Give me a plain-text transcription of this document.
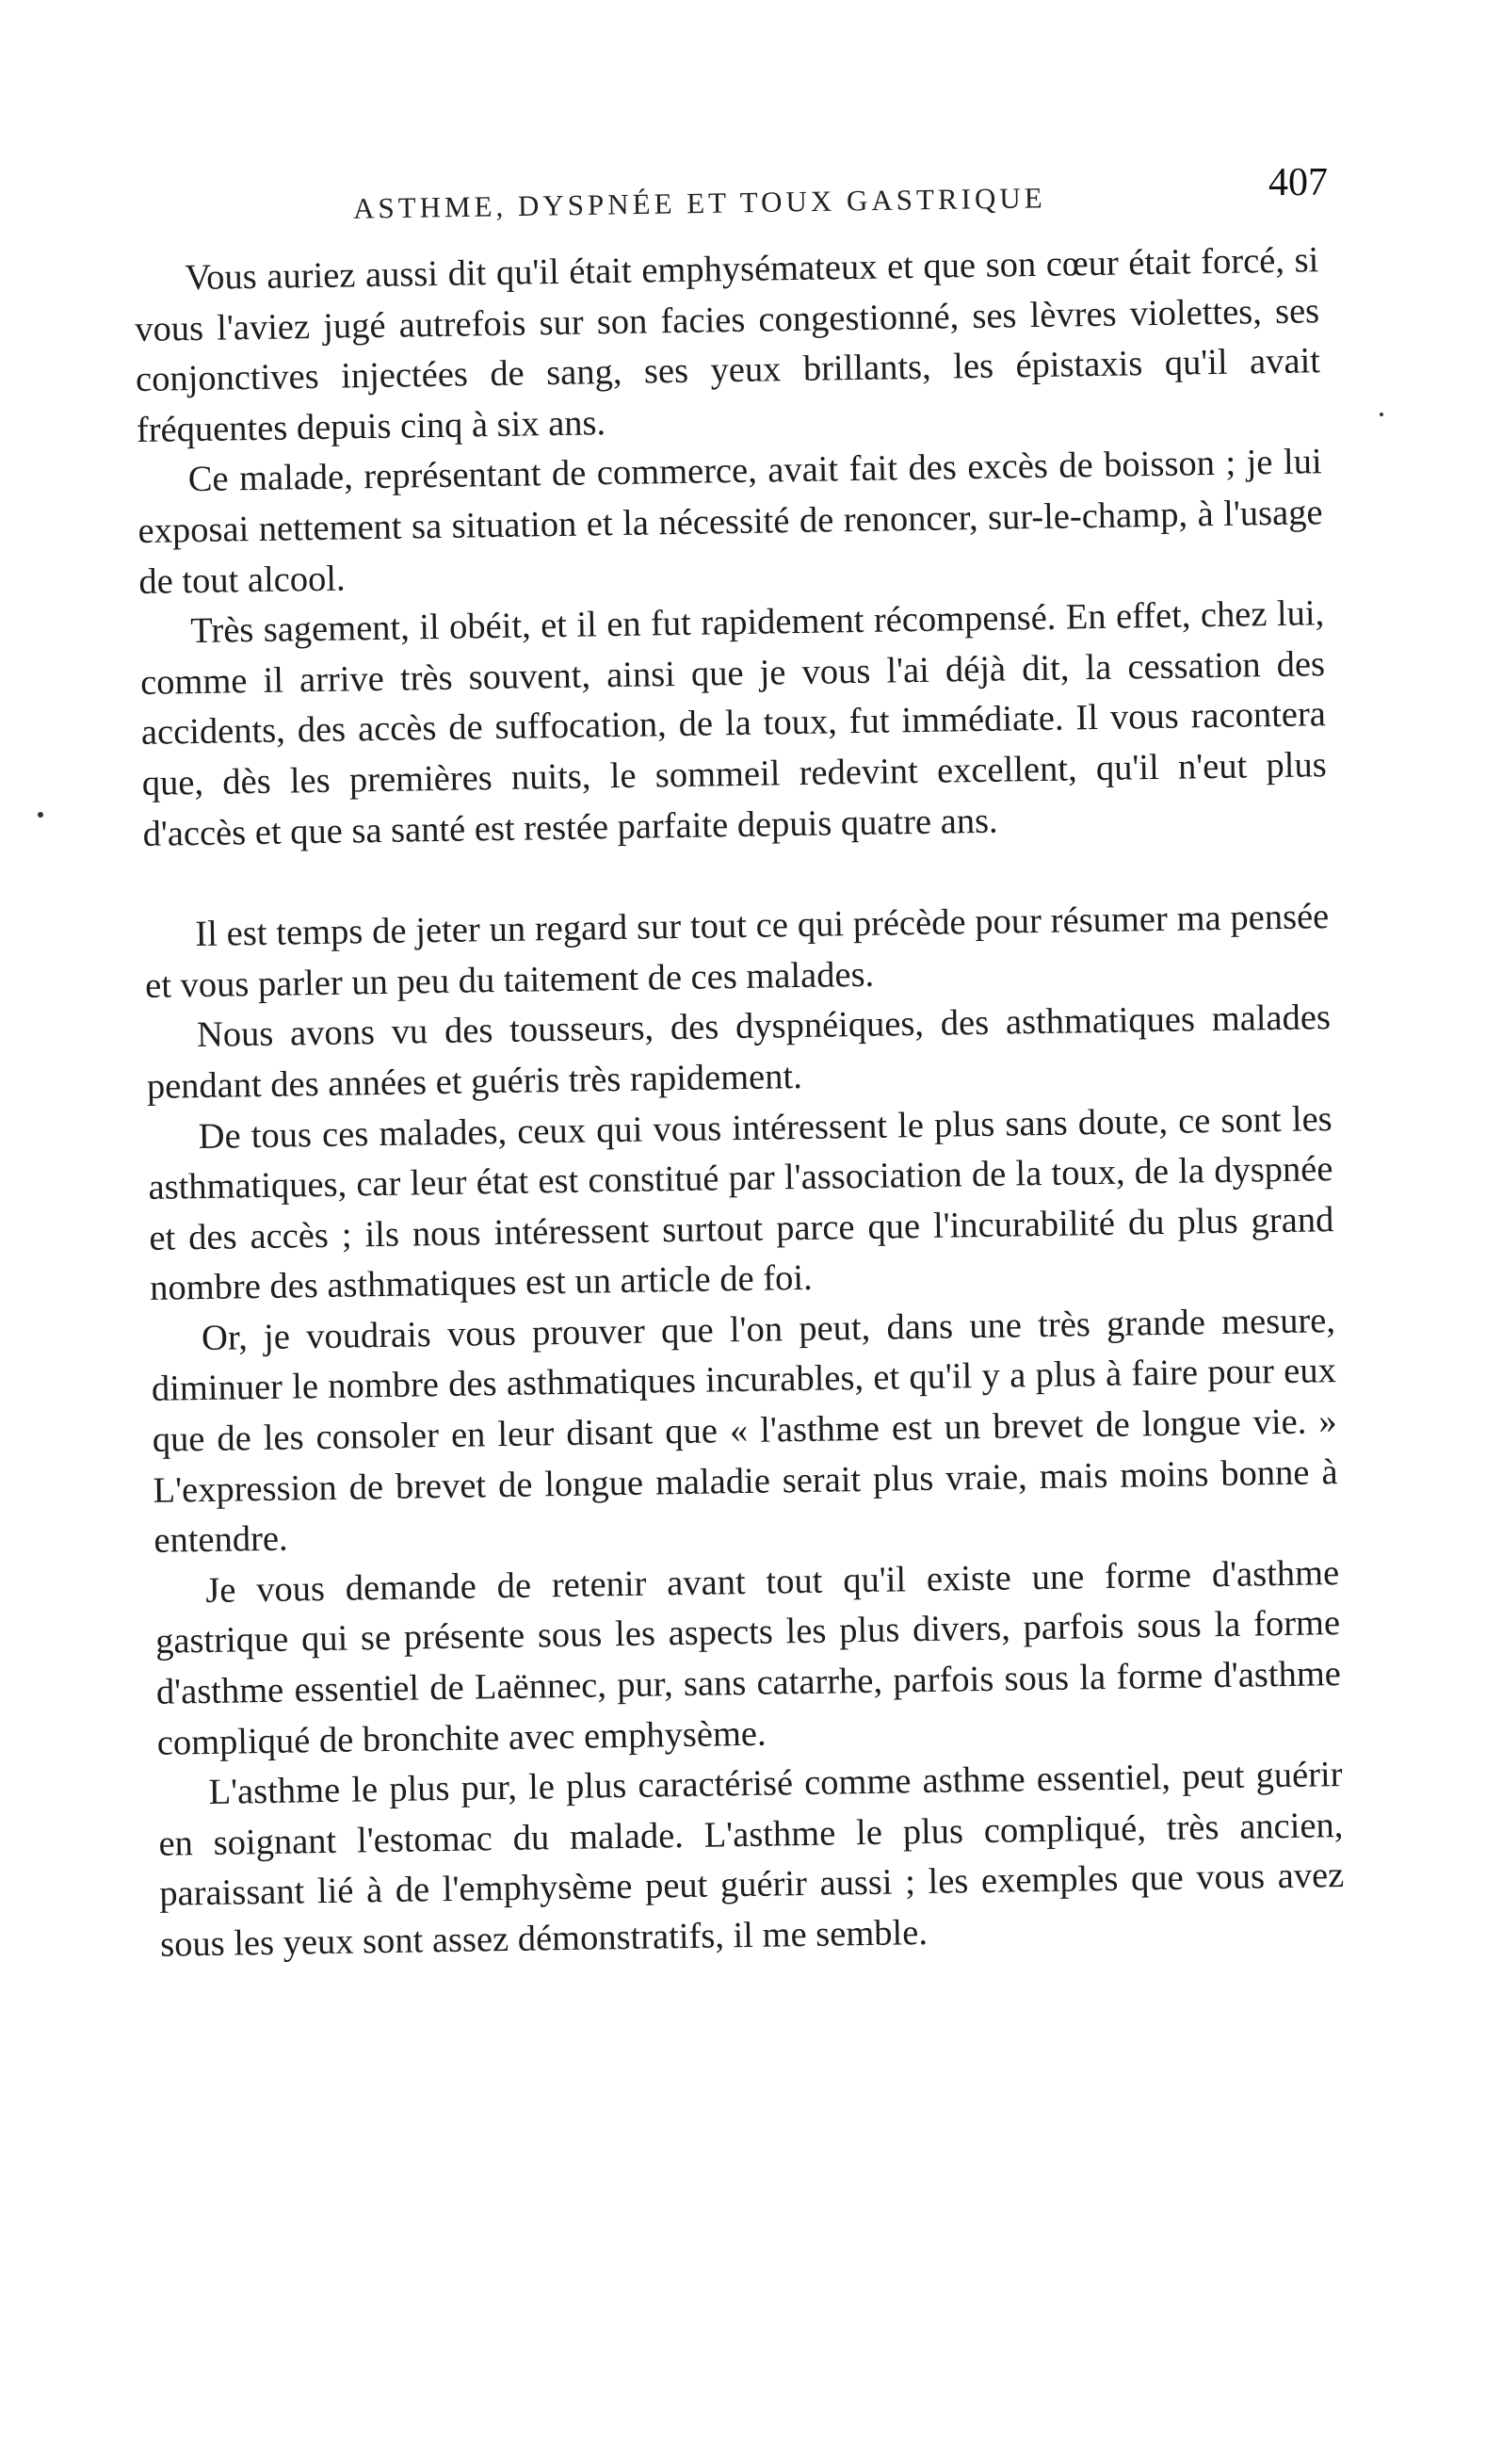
ASTHME, DYSPNÉE ET TOUX GASTRIQUE	407

Vous auriez aussi dit qu'il était emphysémateux et que son cœur était forcé, si vous l'aviez jugé autrefois sur son facies congestionné, ses lèvres violettes, ses conjonctives injectées de sang, ses yeux brillants, les épistaxis qu'il avait fréquentes depuis cinq à six ans.

Ce malade, représentant de commerce, avait fait des excès de boisson ; je lui exposai nettement sa situation et la nécessité de renoncer, sur-le-champ, à l'usage de tout alcool.

Très sagement, il obéit, et il en fut rapidement récompensé. En effet, chez lui, comme il arrive très souvent, ainsi que je vous l'ai déjà dit, la cessation des accidents, des accès de suffocation, de la toux, fut immédiate. Il vous racontera que, dès les premières nuits, le sommeil redevint excellent, qu'il n'eut plus d'accès et que sa santé est restée parfaite depuis quatre ans.

Il est temps de jeter un regard sur tout ce qui précède pour résumer ma pensée et vous parler un peu du taitement de ces malades.

Nous avons vu des tousseurs, des dyspnéiques, des asthmatiques malades pendant des années et guéris très rapidement.

De tous ces malades, ceux qui vous intéressent le plus sans doute, ce sont les asthmatiques, car leur état est constitué par l'association de la toux, de la dyspnée et des accès ; ils nous intéressent surtout parce que l'incurabilité du plus grand nombre des asthmatiques est un article de foi.

Or, je voudrais vous prouver que l'on peut, dans une très grande mesure, diminuer le nombre des asthmatiques incurables, et qu'il y a plus à faire pour eux que de les consoler en leur disant que « l'asthme est un brevet de longue vie. » L'expression de brevet de longue maladie serait plus vraie, mais moins bonne à entendre.

Je vous demande de retenir avant tout qu'il existe une forme d'asthme gastrique qui se présente sous les aspects les plus divers, parfois sous la forme d'asthme essentiel de Laënnec, pur, sans catarrhe, parfois sous la forme d'asthme compliqué de bronchite avec emphysème.

L'asthme le plus pur, le plus caractérisé comme asthme essentiel, peut guérir en soignant l'estomac du malade. L'asthme le plus compliqué, très ancien, paraissant lié à de l'emphysème peut guérir aussi ; les exemples que vous avez sous les yeux sont assez démonstratifs, il me semble.
